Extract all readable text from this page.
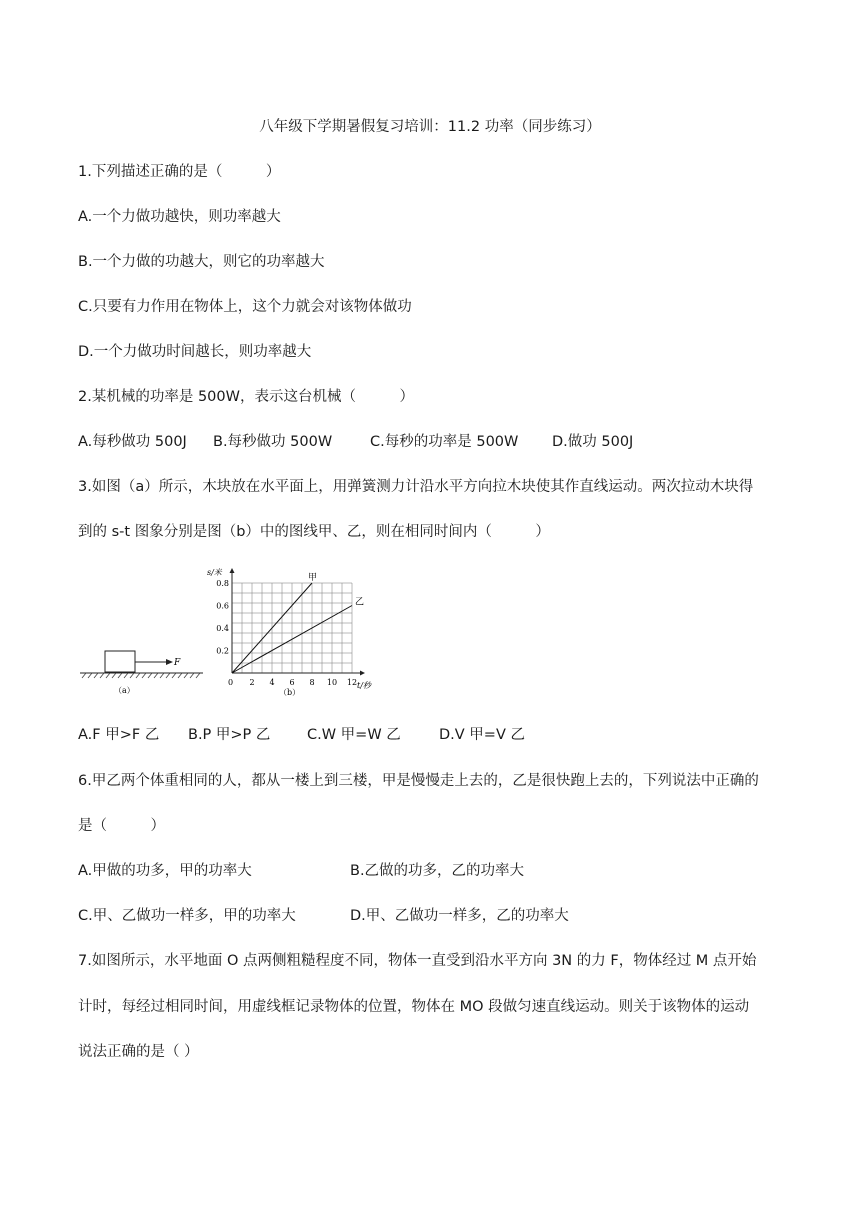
八年级下学期暑假复习培训：11.2 功率（同步练习）
1.下列描述正确的是（　　　）
A.一个力做功越快，则功率越大
B.一个力做的功越大，则它的功率越大
C.只要有力作用在物体上，这个力就会对该物体做功
D.一个力做功时间越长，则功率越大
2.某机械的功率是 500W，表示这台机械（　　　）
A.每秒做功 500J B.每秒做功 500W	C.每秒的功率是 500W D.做功 500J
3.如图（a）所示，木块放在水平面上，用弹簧测力计沿水平方向拉木块使其作直线运动。两次拉动木块得
到的 s-t 图象分别是图（b）中的图线甲、乙，则在相同时间内（　　　）
F
（a）
s/米
t/秒
0
0.2
0.4
0.6
0.8
2 4 6 8 10 12
甲
乙
（b）
A.F 甲>F 乙 B.P 甲>P 乙	C.W 甲=W 乙	D.V 甲=V 乙
6.甲乙两个体重相同的人，都从一楼上到三楼，甲是慢慢走上去的，乙是很快跑上去的，下列说法中正确的
是（　　　）
A.甲做的功多，甲的功率大	B.乙做的功多，乙的功率大
C.甲、乙做功一样多，甲的功率大	D.甲、乙做功一样多，乙的功率大
7.如图所示，水平地面 O 点两侧粗糙程度不同，物体一直受到沿水平方向 3N 的力 F，物体经过 M 点开始
计时，每经过相同时间，用虚线框记录物体的位置，物体在 MO 段做匀速直线运动。则关于该物体的运动
说法正确的是（ ）
